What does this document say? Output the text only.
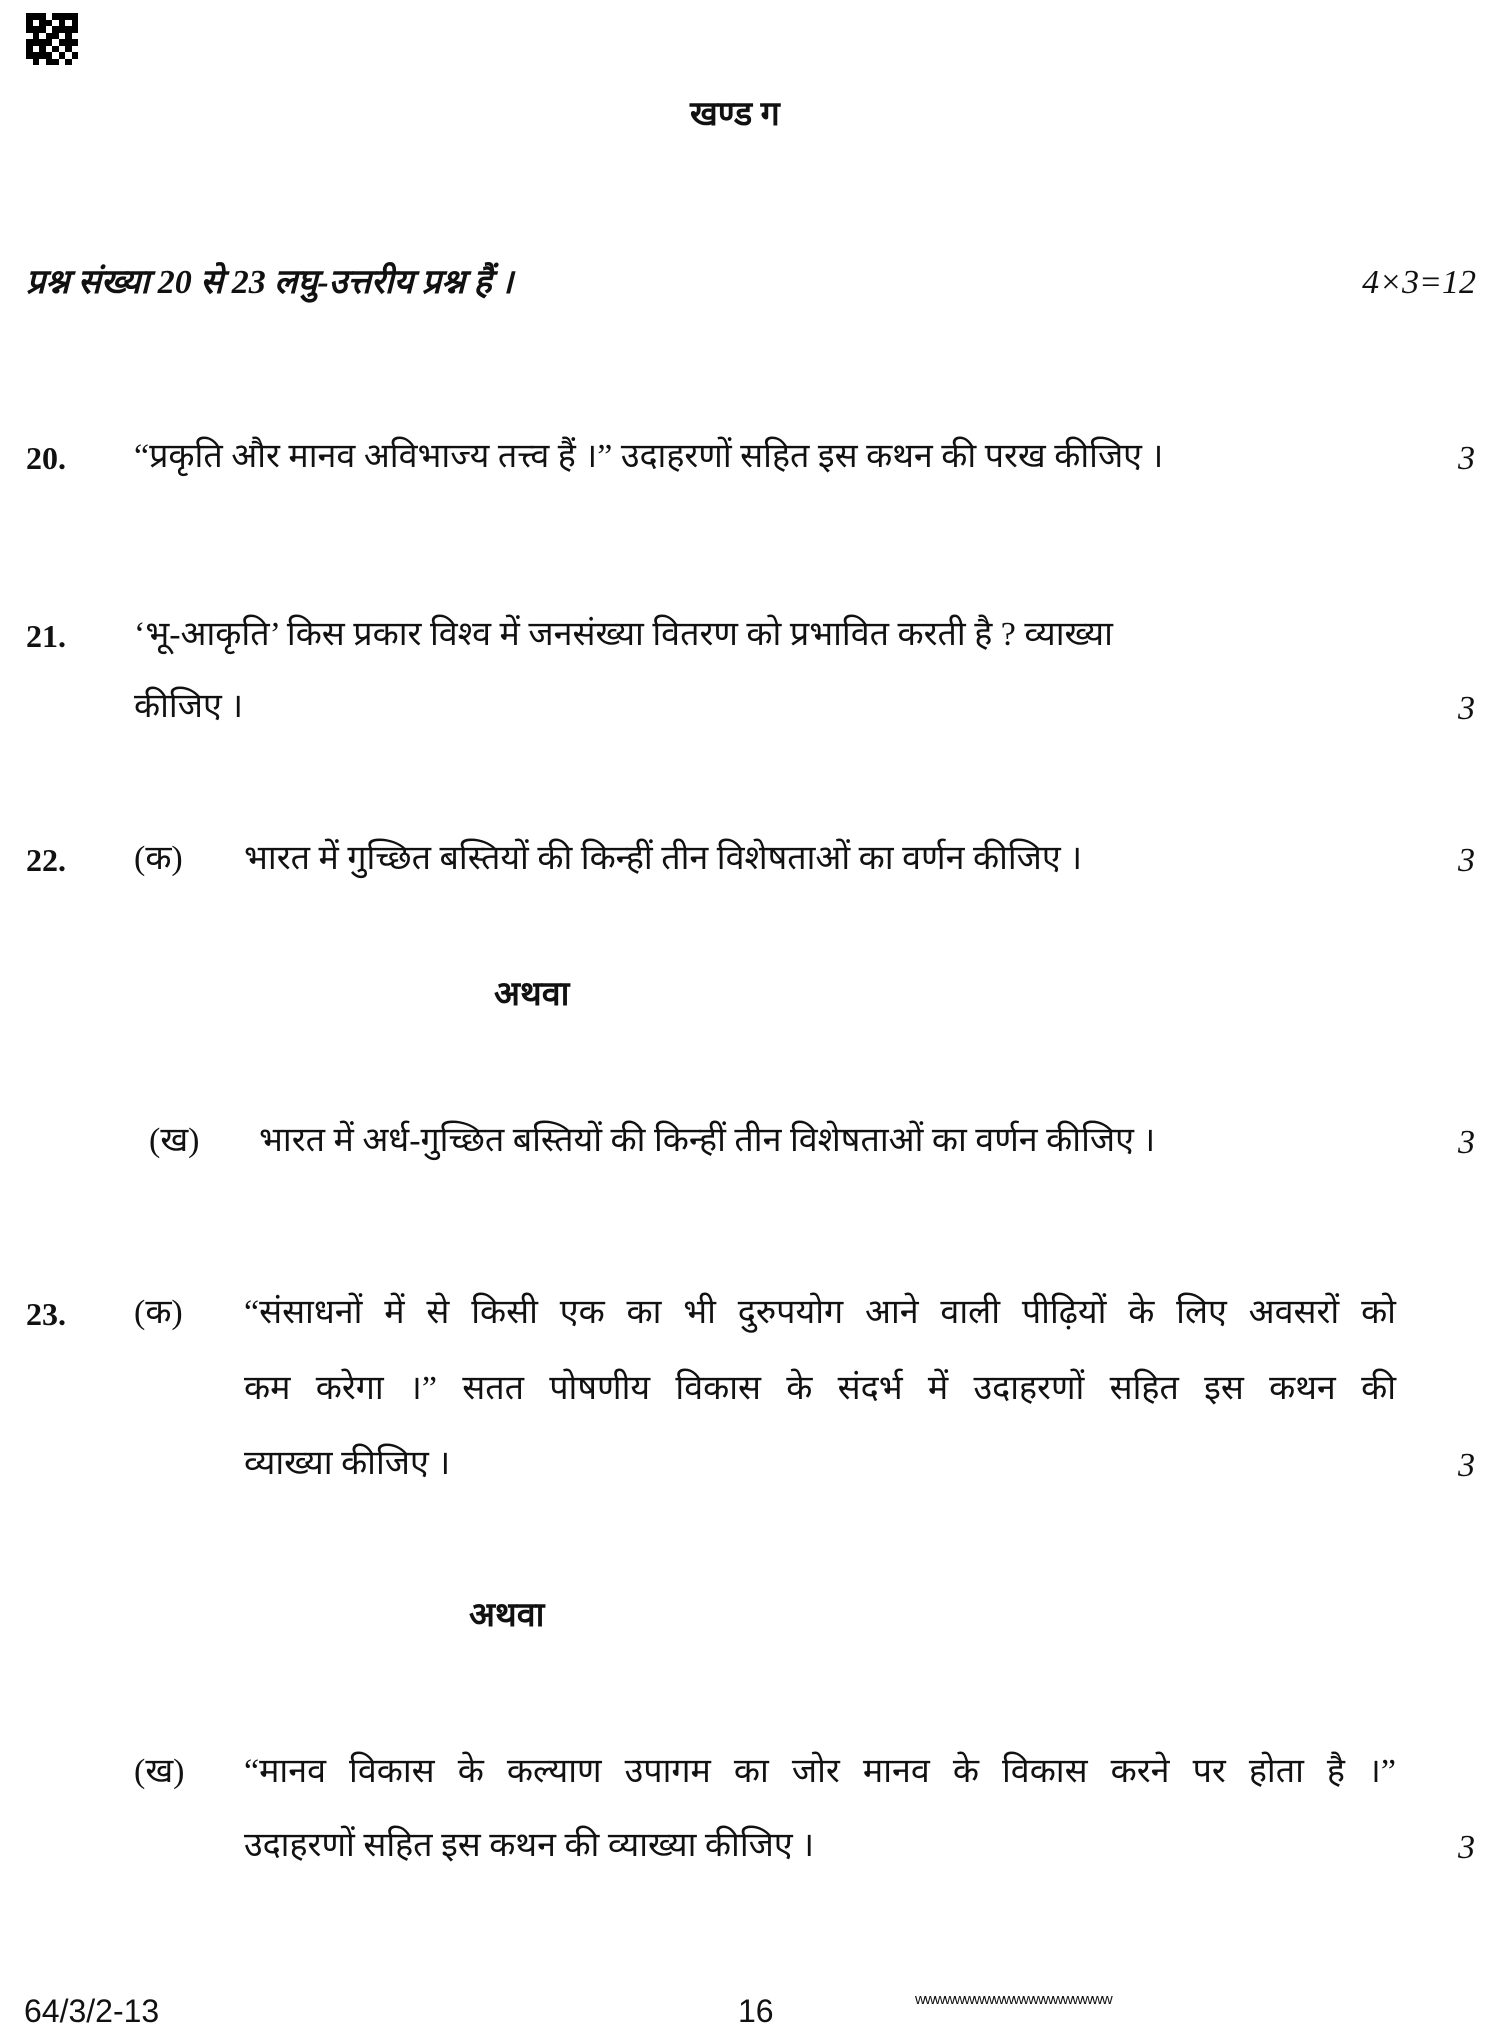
खण्ड ग
प्रश्न संख्या 20 से 23 लघु-उत्तरीय प्रश्न हैं ।	4×3=12
20. “प्रकृति और मानव अविभाज्य तत्त्व हैं ।” उदाहरणों सहित इस कथन की परख कीजिए ।	3
21. ‘भू-आकृति’ किस प्रकार विश्व में जनसंख्या वितरण को प्रभावित करती है ? व्याख्या
कीजिए ।	3
22. (क) भारत में गुच्छित बस्तियों की किन्हीं तीन विशेषताओं का वर्णन कीजिए ।	3
अथवा
(ख) भारत में अर्ध-गुच्छित बस्तियों की किन्हीं तीन विशेषताओं का वर्णन कीजिए ।	3
23. (क) “संसाधनों में से किसी एक का भी दुरुपयोग आने वाली पीढ़ियों के लिए अवसरों को
कम करेगा ।” सतत पोषणीय विकास के संदर्भ में उदाहरणों सहित इस कथन की
व्याख्या कीजिए ।	3
अथवा
(ख) “मानव विकास के कल्याण उपागम का जोर मानव के विकास करने पर होता है ।”
उदाहरणों सहित इस कथन की व्याख्या कीजिए ।	3
64/3/2-13	16	wwwwwwwwwwwwwwwwwwww
